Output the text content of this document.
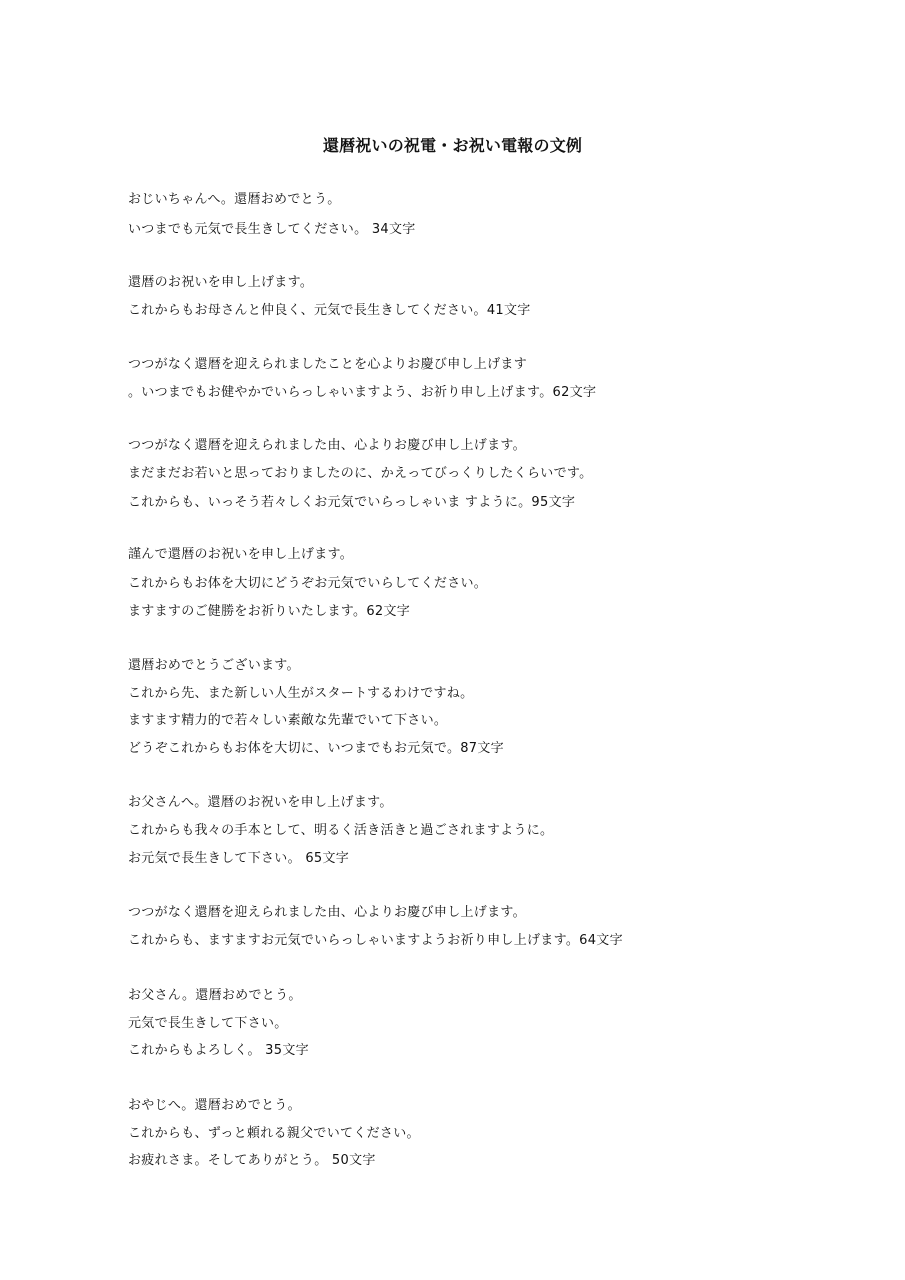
還暦祝いの祝電・お祝い電報の文例
おじいちゃんへ。還暦おめでとう。
いつまでも元気で長生きしてください。 34文字
還暦のお祝いを申し上げます。
これからもお母さんと仲良く、元気で長生きしてください。41文字
つつがなく還暦を迎えられましたことを心よりお慶び申し上げます
。いつまでもお健やかでいらっしゃいますよう、お祈り申し上げます。62文字
つつがなく還暦を迎えられました由、心よりお慶び申し上げます。
まだまだお若いと思っておりましたのに、かえってびっくりしたくらいです。
これからも、いっそう若々しくお元気でいらっしゃいま すように。95文字
謹んで還暦のお祝いを申し上げます。
これからもお体を大切にどうぞお元気でいらしてください。
ますますのご健勝をお祈りいたします。62文字
還暦おめでとうございます。
これから先、また新しい人生がスタートするわけですね。
ますます精力的で若々しい素敵な先輩でいて下さい。
どうぞこれからもお体を大切に、いつまでもお元気で。87文字
お父さんへ。還暦のお祝いを申し上げます。
これからも我々の手本として、明るく活き活きと過ごされますように。
お元気で長生きして下さい。 65文字
つつがなく還暦を迎えられました由、心よりお慶び申し上げます。
これからも、ますますお元気でいらっしゃいますようお祈り申し上げます。64文字
お父さん。還暦おめでとう。
元気で長生きして下さい。
これからもよろしく。 35文字
おやじへ。還暦おめでとう。
これからも、ずっと頼れる親父でいてください。
お疲れさま。そしてありがとう。 50文字
